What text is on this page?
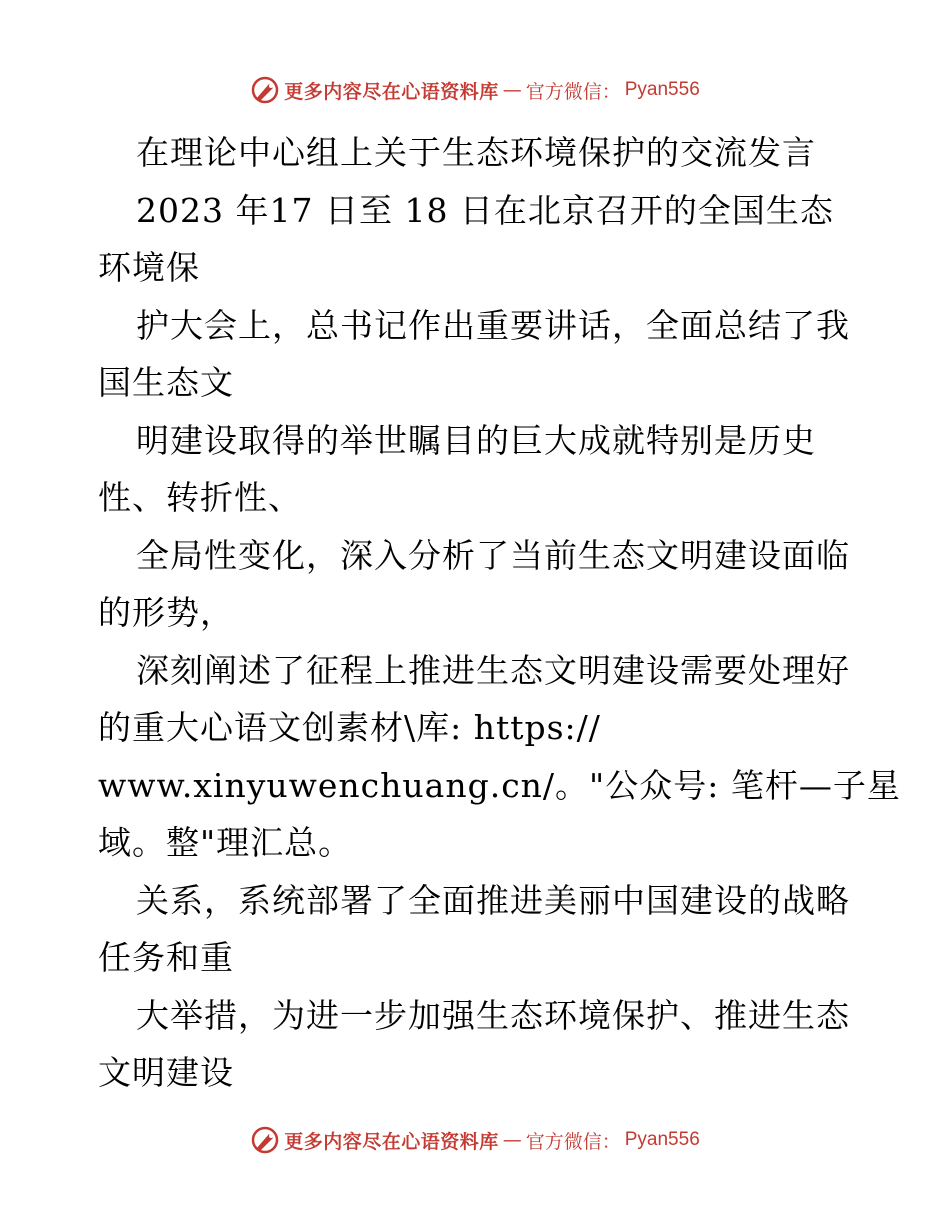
更多内容尽在心语资料库 — 官方微信： Pyan556
在理论中心组上关于生态环境保护的交流发言
2023 年17 日至 18 日在北京召开的全国生态
环境保
护大会上，总书记作出重要讲话，全面总结了我
国生态文
明建设取得的举世瞩目的巨大成就特别是历史
性、转折性、
全局性变化，深入分析了当前生态文明建设面临
的形势，
深刻阐述了征程上推进生态文明建设需要处理好
的重大心语文创素材\库: https://
www.xinyuwenchuang.cn/。"公众号: 笔杆—子星
域。整"理汇总。
关系，系统部署了全面推进美丽中国建设的战略
任务和重
大举措，为进一步加强生态环境保护、推进生态
文明建设
更多内容尽在心语资料库 — 官方微信： Pyan556
